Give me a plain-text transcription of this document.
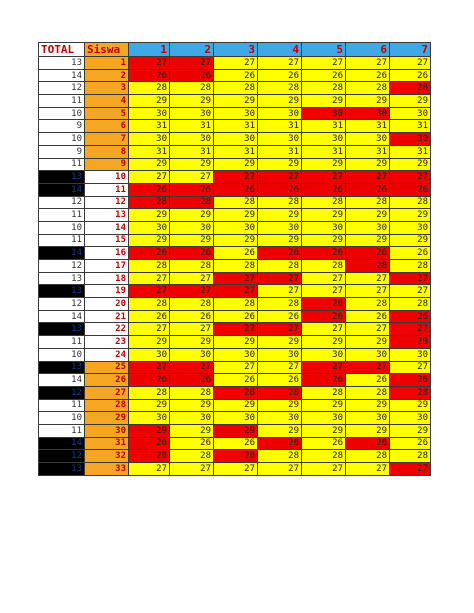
TOTAL	Siswa	1	2	3	4	5	6	7
13	1	27	27	27	27	27	27	27
14	2	26	26	26	26	26	26	26
12	3	28	28	28	28	28	28	28
11	4	29	29	29	29	29	29	29
10	5	30	30	30	30	30	30	30
9	6	31	31	31	31	31	31	31
10	7	30	30	30	30	30	30	30
9	8	31	31	31	31	31	31	31
11	9	29	29	29	29	29	29	29
13	10	27	27	27	27	27	27	27
14	11	26	26	26	26	26	26	26
12	12	28	28	28	28	28	28	28
11	13	29	29	29	29	29	29	29
10	14	30	30	30	30	30	30	30
11	15	29	29	29	29	29	29	29
14	16	26	26	26	26	26	26	26
12	17	28	28	28	28	28	28	28
13	18	27	27	27	27	27	27	27
13	19	27	27	27	27	27	27	27
12	20	28	28	28	28	28	28	28
14	21	26	26	26	26	26	26	26
13	22	27	27	27	27	27	27	27
11	23	29	29	29	29	29	29	29
10	24	30	30	30	30	30	30	30
13	25	27	27	27	27	27	27	27
14	26	26	26	26	26	26	26	26
12	27	28	28	28	28	28	28	28
11	28	29	29	29	29	29	29	29
10	29	30	30	30	30	30	30	30
11	30	29	29	29	29	29	29	29
14	31	26	26	26	26	26	26	26
12	32	28	28	28	28	28	28	28
13	33	27	27	27	27	27	27	27
